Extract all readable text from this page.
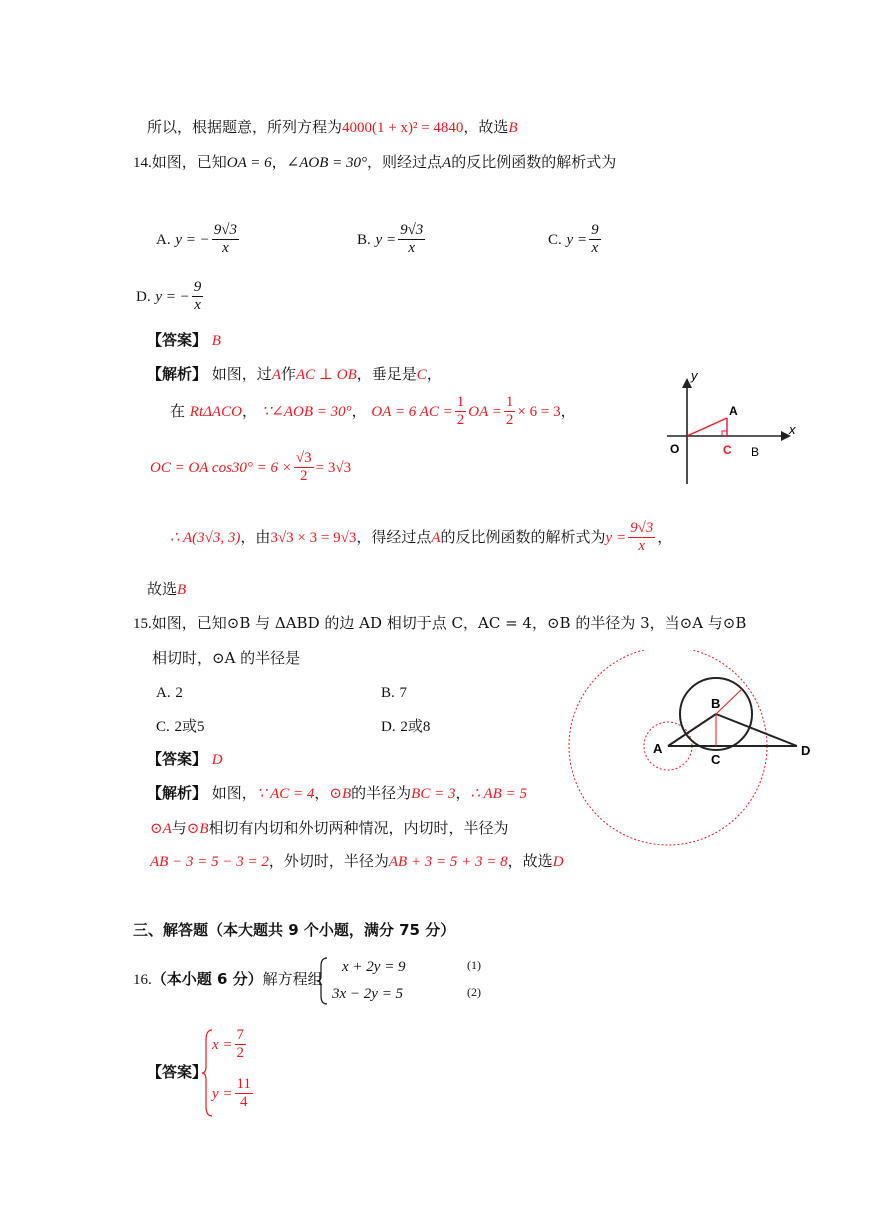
所以，根据题意，所列方程为4000(1 + x)² = 4840，故选B
14.如图，已知OA = 6，∠AOB = 30°，则经过点A的反比例函数的解析式为
A. y = − $\frac{9√3}{x}$	B. $y = \frac{9√3}{x}$	C. $y = \frac{9}{x}$
D. y = − $\frac{9}{x}$
【答案】 B
【解析】 如图，过A作AC ⊥ OB，垂足是C，
在 RtΔACO， ∵∠AOB = 30°， OA = 6 AC = $\frac{1}{2}$ OA = $\frac{1}{2} \times 6 = 3$，
OC = OA $\cos 30^\circ = 6 \times \frac{√3}{2} = 3√3$
y
x
O
A
C B
∴ A(3√3, 3)，由3√3 × 3 = 9√3，得经过点A的反比例函数的解析式为$y = \frac{9√3}{x}$ ，
故选B
15.如图，已知⊙B 与 ΔABD 的边 AD 相切于点 C，AC = 4，⊙B 的半径为 3，当⊙A 与⊙B
相切时，⊙A 的半径是
A. 2	B. 7
C. 2或5	D. 2或8
【答案】 D
【解析】 如图，∵ AC = 4，⊙B的半径为BC = 3，∴ AB = 5
⊙A与⊙B相切有内切和外切两种情况，内切时，半径为
AB − 3 = 5 − 3 = 2，外切时，半径为AB + 3 = 5 + 3 = 8，故选D
A
B
C
D
三、解答题（本大题共 9 个小题，满分 75 分）
16.（本小题 6 分）解方程组
x + 2y = 9	(1)
3x − 2y = 5	(2)
【答案】
$x = \frac{7}{2}$
$y = \frac{11}{4}$
